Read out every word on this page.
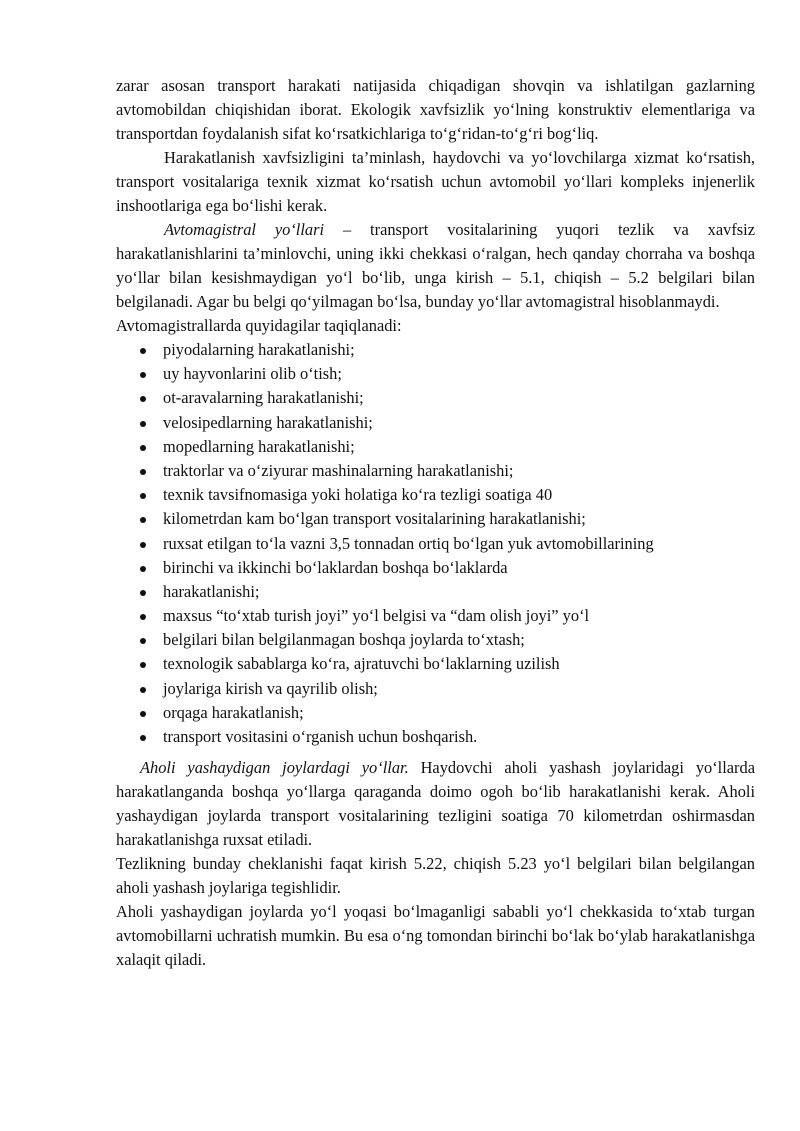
zarar asosan transport harakati natijasida chiqadigan shovqin va ishlatilgan gazlarning avtomobildan chiqishidan iborat. Ekologik xavfsizlik yo‘lning konstruktiv elementlariga va transportdan foydalanish sifat ko‘rsatkichlariga to‘g‘ridan-to‘g‘ri bog‘liq.

Harakatlanish xavfsizligini ta’minlash, haydovchi va yo‘lovchilarga xizmat ko‘rsatish, transport vositalariga texnik xizmat ko‘rsatish uchun avtomobil yo‘llari kompleks injenerlik inshootlariga ega bo‘lishi kerak.

Avtomagistral yo‘llari – transport vositalarining yuqori tezlik va xavfsiz harakatlanishlarini ta’minlovchi, uning ikki chekkasi o‘ralgan, hech qanday chorraha va boshqa yo‘llar bilan kesishmaydigan yo‘l bo‘lib, unga kirish – 5.1, chiqish – 5.2 belgilari bilan belgilanadi. Agar bu belgi qo‘yilmagan bo‘lsa, bunday yo‘llar avtomagistral hisoblanmaydi.

Avtomagistrallarda quyidagilar taqiqlanadi:

piyodalarning harakatlanishi;
uy hayvonlarini olib o‘tish;
ot-aravalarning harakatlanishi;
velosipedlarning harakatlanishi;
mopedlarning harakatlanishi;
traktorlar va o‘ziyurar mashinalarning harakatlanishi;
texnik tavsifnomasiga yoki holatiga ko‘ra tezligi soatiga 40
kilometrdan kam bo‘lgan transport vositalarining harakatlanishi;
ruxsat etilgan to‘la vazni 3,5 tonnadan ortiq bo‘lgan yuk avtomobillarining
birinchi va ikkinchi bo‘laklardan boshqa bo‘laklarda
harakatlanishi;
maxsus “to‘xtab turish joyi” yo‘l belgisi va “dam olish joyi” yo‘l
belgilari bilan belgilanmagan boshqa joylarda to‘xtash;
texnologik sabablarga ko‘ra, ajratuvchi bo‘laklarning uzilish
joylariga kirish va qayrilib olish;
orqaga harakatlanish;
transport vositasini o‘rganish uchun boshqarish.

Aholi yashaydigan joylardagi yo‘llar. Haydovchi aholi yashash joylaridagi yo‘llarda harakatlanganda boshqa yo‘llarga qaraganda doimo ogoh bo‘lib harakatlanishi kerak. Aholi yashaydigan joylarda transport vositalarining tezligini soatiga 70 kilometrdan oshirmasdan harakatlanishga ruxsat etiladi.

Tezlikning bunday cheklanishi faqat kirish 5.22, chiqish 5.23 yo‘l belgilari bilan belgilangan aholi yashash joylariga tegishlidir.

Aholi yashaydigan joylarda yo‘l yoqasi bo‘lmaganligi sababli yo‘l chekkasida to‘xtab turgan avtomobillarni uchratish mumkin. Bu esa o‘ng tomondan birinchi bo‘lak bo‘ylab harakatlanishga xalaqit qiladi.
